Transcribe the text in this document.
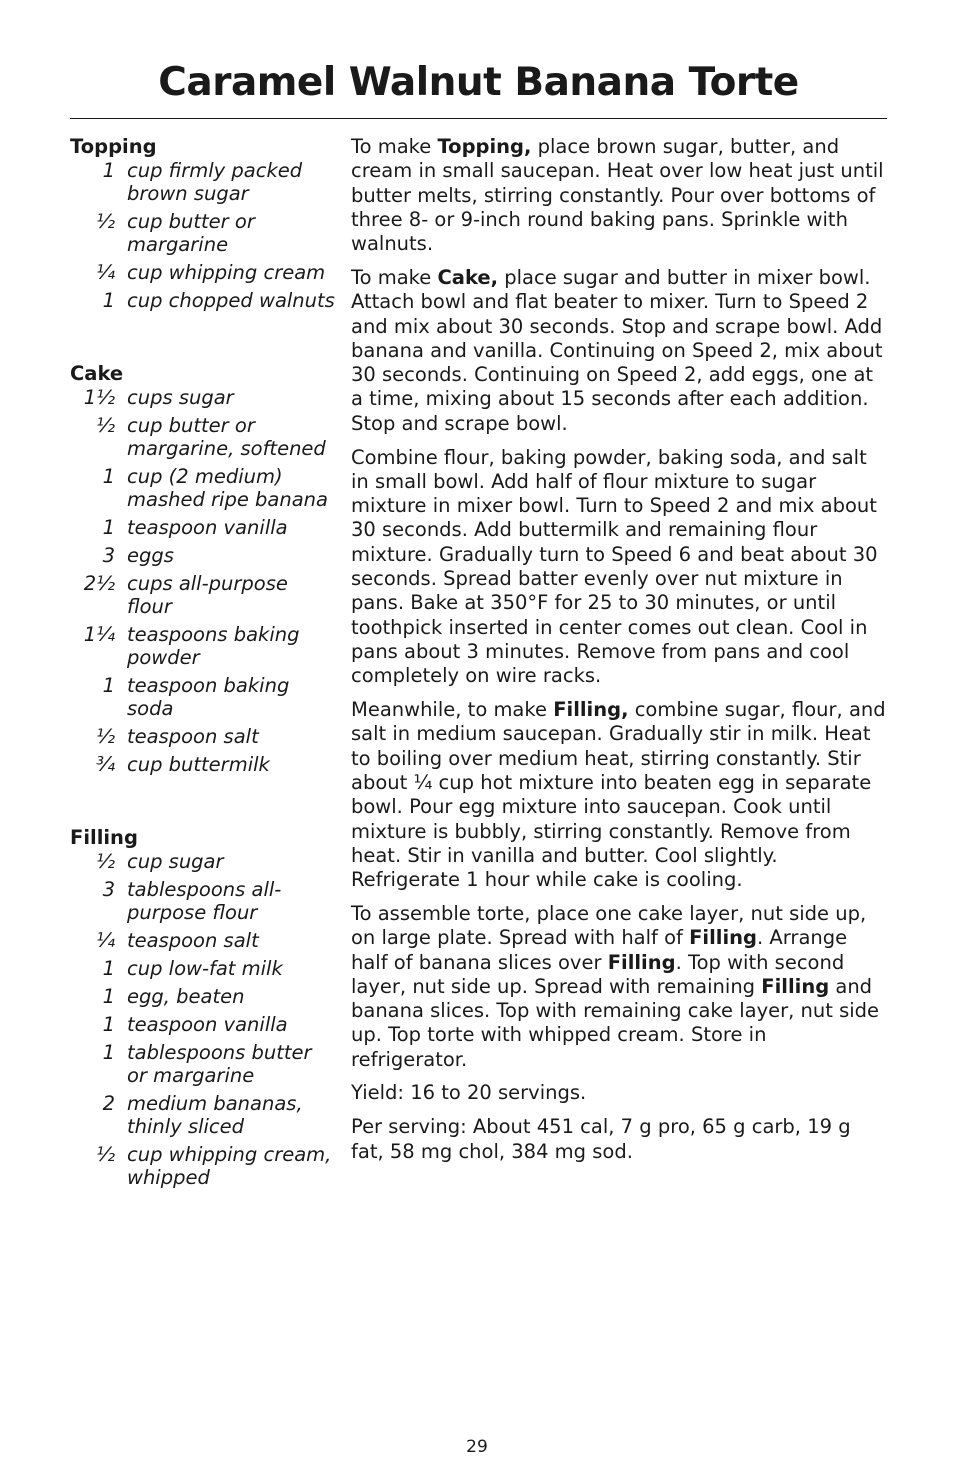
Caramel Walnut Banana Torte
Topping
1 cup firmly packed brown sugar
½ cup butter or margarine
¼ cup whipping cream
1 cup chopped walnuts
Cake
1½ cups sugar
½ cup butter or margarine, softened
1 cup (2 medium) mashed ripe banana
1 teaspoon vanilla
3 eggs
2½ cups all-purpose flour
1¼ teaspoons baking powder
1 teaspoon baking soda
½ teaspoon salt
¾ cup buttermilk
Filling
½ cup sugar
3 tablespoons all-purpose flour
¼ teaspoon salt
1 cup low-fat milk
1 egg, beaten
1 teaspoon vanilla
1 tablespoons butter or margarine
2 medium bananas, thinly sliced
½ cup whipping cream, whipped

To make Topping, place brown sugar, butter, and cream in small saucepan. Heat over low heat just until butter melts, stirring constantly. Pour over bottoms of three 8- or 9-inch round baking pans. Sprinkle with walnuts.

To make Cake, place sugar and butter in mixer bowl. Attach bowl and flat beater to mixer. Turn to Speed 2 and mix about 30 seconds. Stop and scrape bowl. Add banana and vanilla. Continuing on Speed 2, mix about 30 seconds. Continuing on Speed 2, add eggs, one at a time, mixing about 15 seconds after each addition. Stop and scrape bowl.

Combine flour, baking powder, baking soda, and salt in small bowl. Add half of flour mixture to sugar mixture in mixer bowl. Turn to Speed 2 and mix about 30 seconds. Add buttermilk and remaining flour mixture. Gradually turn to Speed 6 and beat about 30 seconds. Spread batter evenly over nut mixture in pans. Bake at 350°F for 25 to 30 minutes, or until toothpick inserted in center comes out clean. Cool in pans about 3 minutes. Remove from pans and cool completely on wire racks.

Meanwhile, to make Filling, combine sugar, flour, and salt in medium saucepan. Gradually stir in milk. Heat to boiling over medium heat, stirring constantly. Stir about ¼ cup hot mixture into beaten egg in separate bowl. Pour egg mixture into saucepan. Cook until mixture is bubbly, stirring constantly. Remove from heat. Stir in vanilla and butter. Cool slightly. Refrigerate 1 hour while cake is cooling.

To assemble torte, place one cake layer, nut side up, on large plate. Spread with half of Filling. Arrange half of banana slices over Filling. Top with second layer, nut side up. Spread with remaining Filling and banana slices. Top with remaining cake layer, nut side up. Top torte with whipped cream. Store in refrigerator.

Yield: 16 to 20 servings.

Per serving: About 451 cal, 7 g pro, 65 g carb, 19 g fat, 58 mg chol, 384 mg sod.

29
